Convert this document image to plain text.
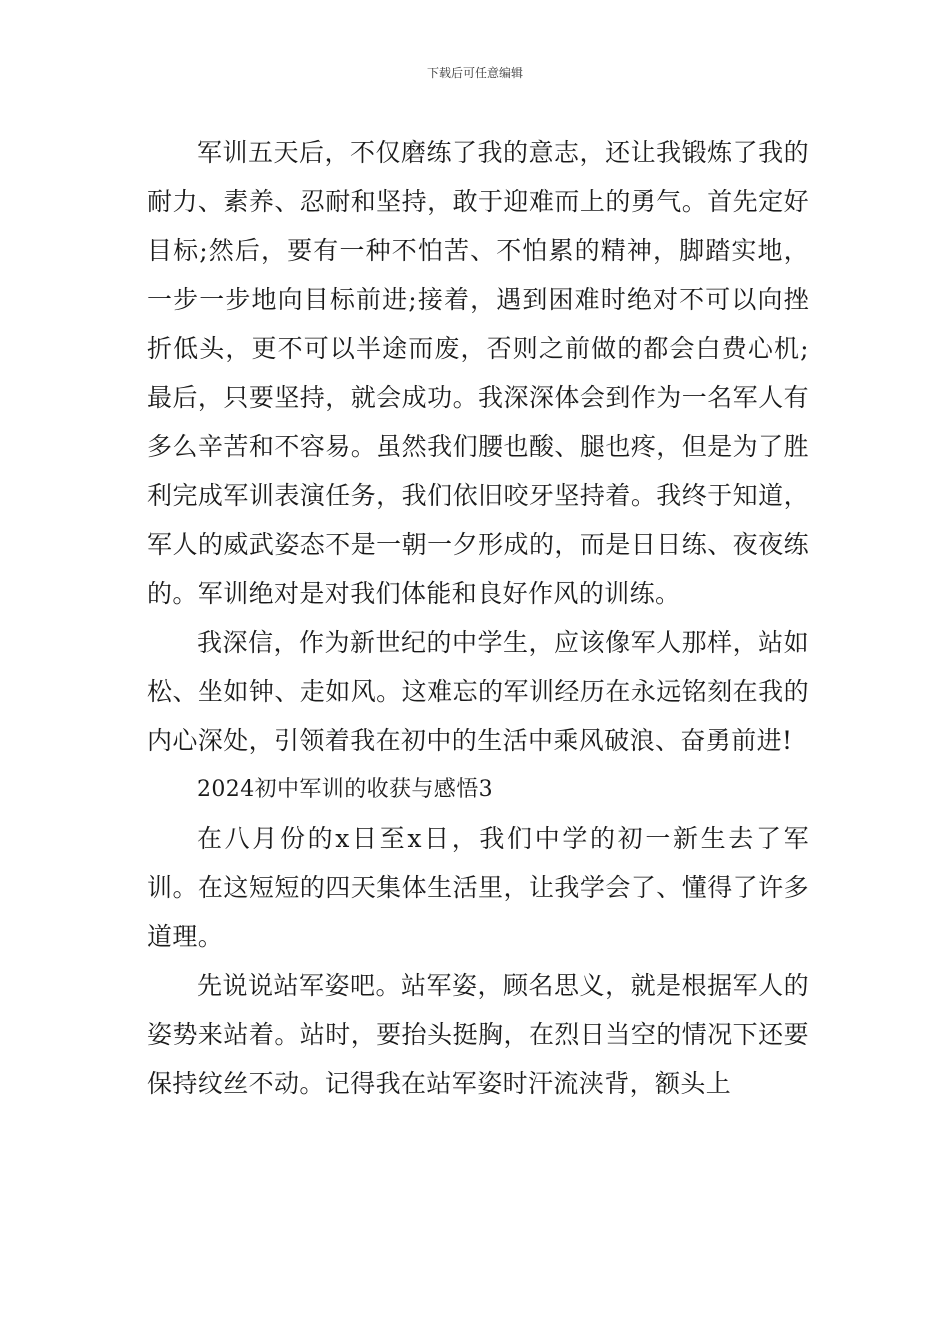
下载后可任意编辑

军训五天后，不仅磨练了我的意志，还让我锻炼了我的耐力、素养、忍耐和坚持，敢于迎难而上的勇气。首先定好目标;然后，要有一种不怕苦、不怕累的精神，脚踏实地，一步一步地向目标前进;接着，遇到困难时绝对不可以向挫折低头，更不可以半途而废，否则之前做的都会白费心机;最后，只要坚持，就会成功。我深深体会到作为一名军人有多么辛苦和不容易。虽然我们腰也酸、腿也疼，但是为了胜利完成军训表演任务，我们依旧咬牙坚持着。我终于知道，军人的威武姿态不是一朝一夕形成的，而是日日练、夜夜练的。军训绝对是对我们体能和良好作风的训练。

我深信，作为新世纪的中学生，应该像军人那样，站如松、坐如钟、走如风。这难忘的军训经历在永远铭刻在我的内心深处，引领着我在初中的生活中乘风破浪、奋勇前进!

2024初中军训的收获与感悟3

在八月份的x日至x日，我们中学的初一新生去了军训。在这短短的四天集体生活里，让我学会了、懂得了许多道理。

先说说站军姿吧。站军姿，顾名思义，就是根据军人的姿势来站着。站时，要抬头挺胸，在烈日当空的情况下还要保持纹丝不动。记得我在站军姿时汗流浃背，额头上
